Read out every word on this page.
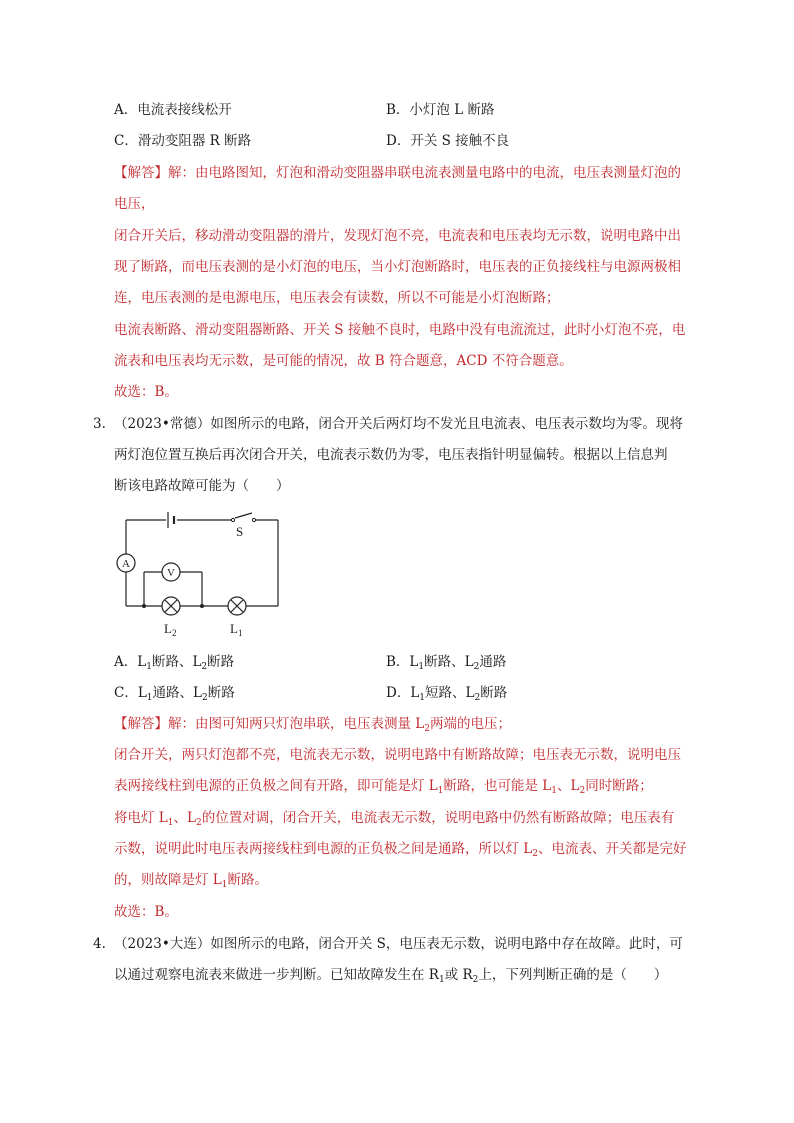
A．电流表接线松开	B．小灯泡 L 断路
C．滑动变阻器 R 断路	D．开关 S 接触不良
【解答】解：由电路图知，灯泡和滑动变阻器串联电流表测量电路中的电流，电压表测量灯泡的
电压，
闭合开关后，移动滑动变阻器的滑片，发现灯泡不亮，电流表和电压表均无示数，说明电路中出
现了断路，而电压表测的是小灯泡的电压，当小灯泡断路时，电压表的正负接线柱与电源两极相
连，电压表测的是电源电压，电压表会有读数，所以不可能是小灯泡断路；
电流表断路、滑动变阻器断路、开关 S 接触不良时，电路中没有电流流过，此时小灯泡不亮，电
流表和电压表均无示数，是可能的情况，故 B 符合题意，ACD 不符合题意。
故选：B。
3. （2023•常德）如图所示的电路，闭合开关后两灯均不发光且电流表、电压表示数均为零。现将
两灯泡位置互换后再次闭合开关，电流表示数仍为零，电压表指针明显偏转。根据以上信息判
断该电路故障可能为（　　）
S
A
V
$L_2$	$L_1$
A．$L_1$断路、$L_2$断路	B．$L_1$断路、$L_2$通路
C．$L_1$通路、$L_2$断路	D．$L_1$短路、$L_2$断路
【解答】解：由图可知两只灯泡串联，电压表测量 $L_2$两端的电压；
闭合开关，两只灯泡都不亮，电流表无示数，说明电路中有断路故障；电压表无示数，说明电压
表两接线柱到电源的正负极之间有开路，即可能是灯 $L_1$断路，也可能是 $L_1$、$L_2$同时断路；
将电灯 $L_1$、$L_2$的位置对调，闭合开关，电流表无示数，说明电路中仍然有断路故障；电压表有
示数，说明此时电压表两接线柱到电源的正负极之间是通路，所以灯 $L_2$、电流表、开关都是完好
的，则故障是灯 $L_1$断路。
故选：B。
4. （2023•大连）如图所示的电路，闭合开关 S，电压表无示数，说明电路中存在故障。此时，可
以通过观察电流表来做进一步判断。已知故障发生在 $R_1$或 $R_2$上，下列判断正确的是（　　）
